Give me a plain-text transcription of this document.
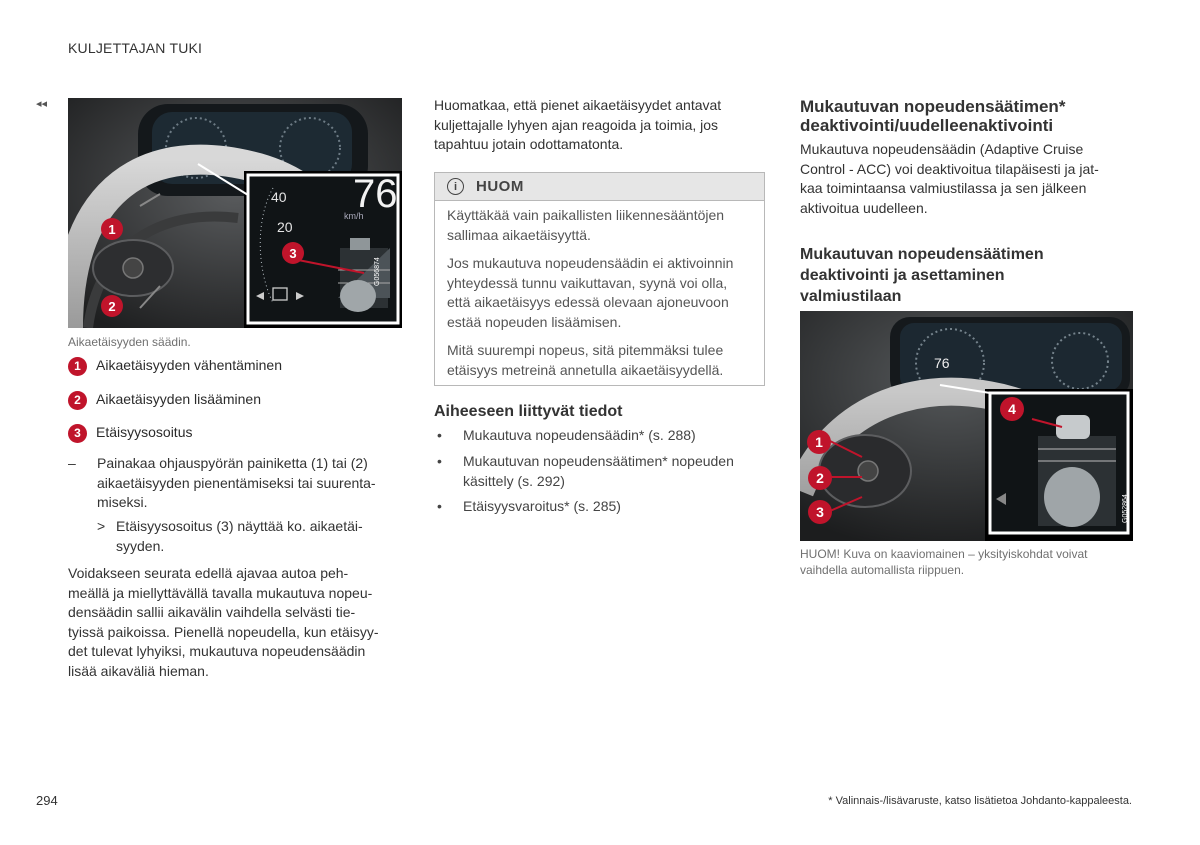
KULJETTAJAN TUKI
◂◂
76
76
km/h
40
20
1
2
3
G056874
Aikaetäisyyden säädin.
1	Aikaetäisyyden vähentäminen
2	Aikaetäisyyden lisääminen
3	Etäisyysosoitus
– Painakaa ohjauspyörän painiketta (1) tai (2)
aikaetäisyyden pienentämiseksi tai suurenta-
miseksi.
> Etäisyysosoitus (3) näyttää ko. aikaetäi-
syyden.
Voidakseen seurata edellä ajavaa autoa peh-
meällä ja miellyttävällä tavalla mukautuva nopeu-
densäädin sallii aikavälin vaihdella selvästi tie-
tyissä paikoissa. Pienellä nopeudella, kun etäisyy-
det tulevat lyhyiksi, mukautuva nopeudensäädin
lisää aikaväliä hieman.
Huomatkaa, että pienet aikaetäisyydet antavat
kuljettajalle lyhyen ajan reagoida ja toimia, jos
tapahtuu jotain odottamatonta.
i	HUOM
Käyttäkää vain paikallisten liikennesääntöjen
sallimaa aikaetäisyyttä.
Jos mukautuva nopeudensäädin ei aktivoinnin
yhteydessä tunnu vaikuttavan, syynä voi olla,
että aikaetäisyys edessä olevaan ajoneuvoon
estää nopeuden lisäämisen.
Mitä suurempi nopeus, sitä pitemmäksi tulee
etäisyys metreinä annetulla aikaetäisyydellä.
Aiheeseen liittyvät tiedot
• Mukautuva nopeudensäädin* (s. 288)
• Mukautuvan nopeudensäätimen* nopeuden
käsittely (s. 292)
• Etäisyysvaroitus* (s. 285)
Mukautuvan nopeudensäätimen*
deaktivointi/uudelleenaktivointi
Mukautuva nopeudensäädin (Adaptive Cruise
Control - ACC) voi deaktivoitua tilapäisesti ja jat-
kaa toimintaansa valmiustilassa ja sen jälkeen
aktivoitua uudelleen.
Mukautuvan nopeudensäätimen
deaktivointi ja asettaminen
valmiustilaan
76
1
2
3
4
G052864
HUOM! Kuva on kaaviomainen – yksityiskohdat voivat
vaihdella automallista riippuen.
294	* Valinnais-/lisävaruste, katso lisätietoa Johdanto-kappaleesta.
